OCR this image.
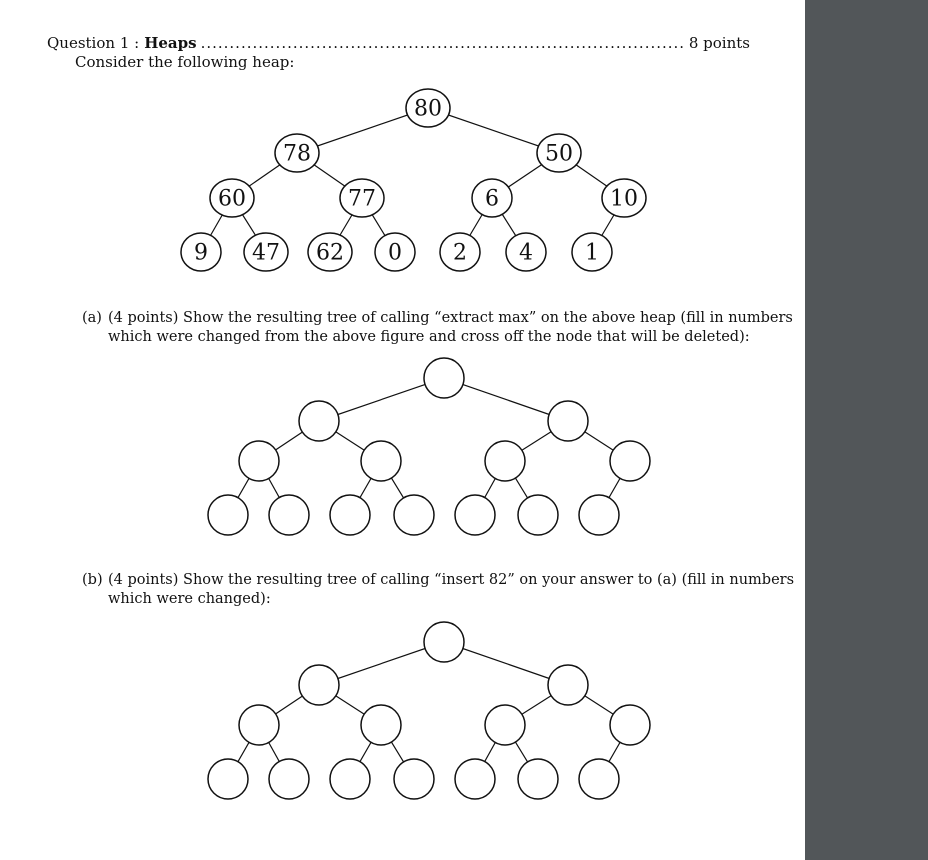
Question 1 : Heaps
.....	8 points
Consider the following heap:
(a) (4 points) Show the resulting tree of calling “extract max” on the above heap (fill in numbers
which were changed from the above figure and cross off the node that will be deleted):
(b) (4 points) Show the resulting tree of calling “insert 82” on your answer to (a) (fill in numbers
which were changed):
80
78	50
60	77	6	10
9 47 62 0 2 4 1
